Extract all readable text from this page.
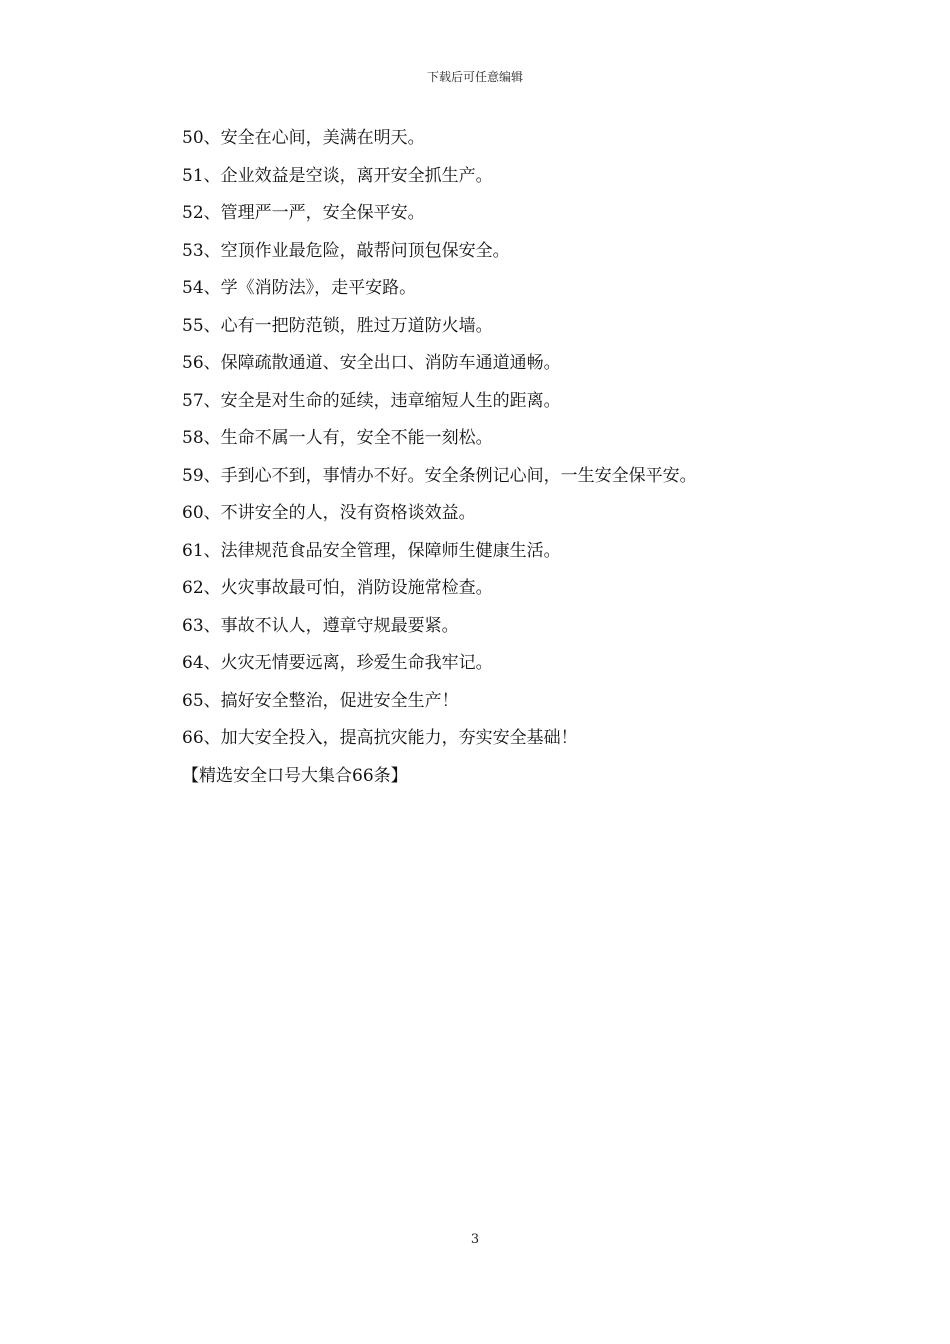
下载后可任意编辑
50、安全在心间，美满在明天。
51、企业效益是空谈，离开安全抓生产。
52、管理严一严，安全保平安。
53、空顶作业最危险，敲帮问顶包保安全。
54、学《消防法》，走平安路。
55、心有一把防范锁，胜过万道防火墙。
56、保障疏散通道、安全出口、消防车通道通畅。
57、安全是对生命的延续，违章缩短人生的距离。
58、生命不属一人有，安全不能一刻松。
59、手到心不到，事情办不好。安全条例记心间，一生安全保平安。
60、不讲安全的人，没有资格谈效益。
61、法律规范食品安全管理，保障师生健康生活。
62、火灾事故最可怕，消防设施常检查。
63、事故不认人，遵章守规最要紧。
64、火灾无情要远离，珍爱生命我牢记。
65、搞好安全整治，促进安全生产！
66、加大安全投入，提高抗灾能力，夯实安全基础！
【精选安全口号大集合66条】
3
